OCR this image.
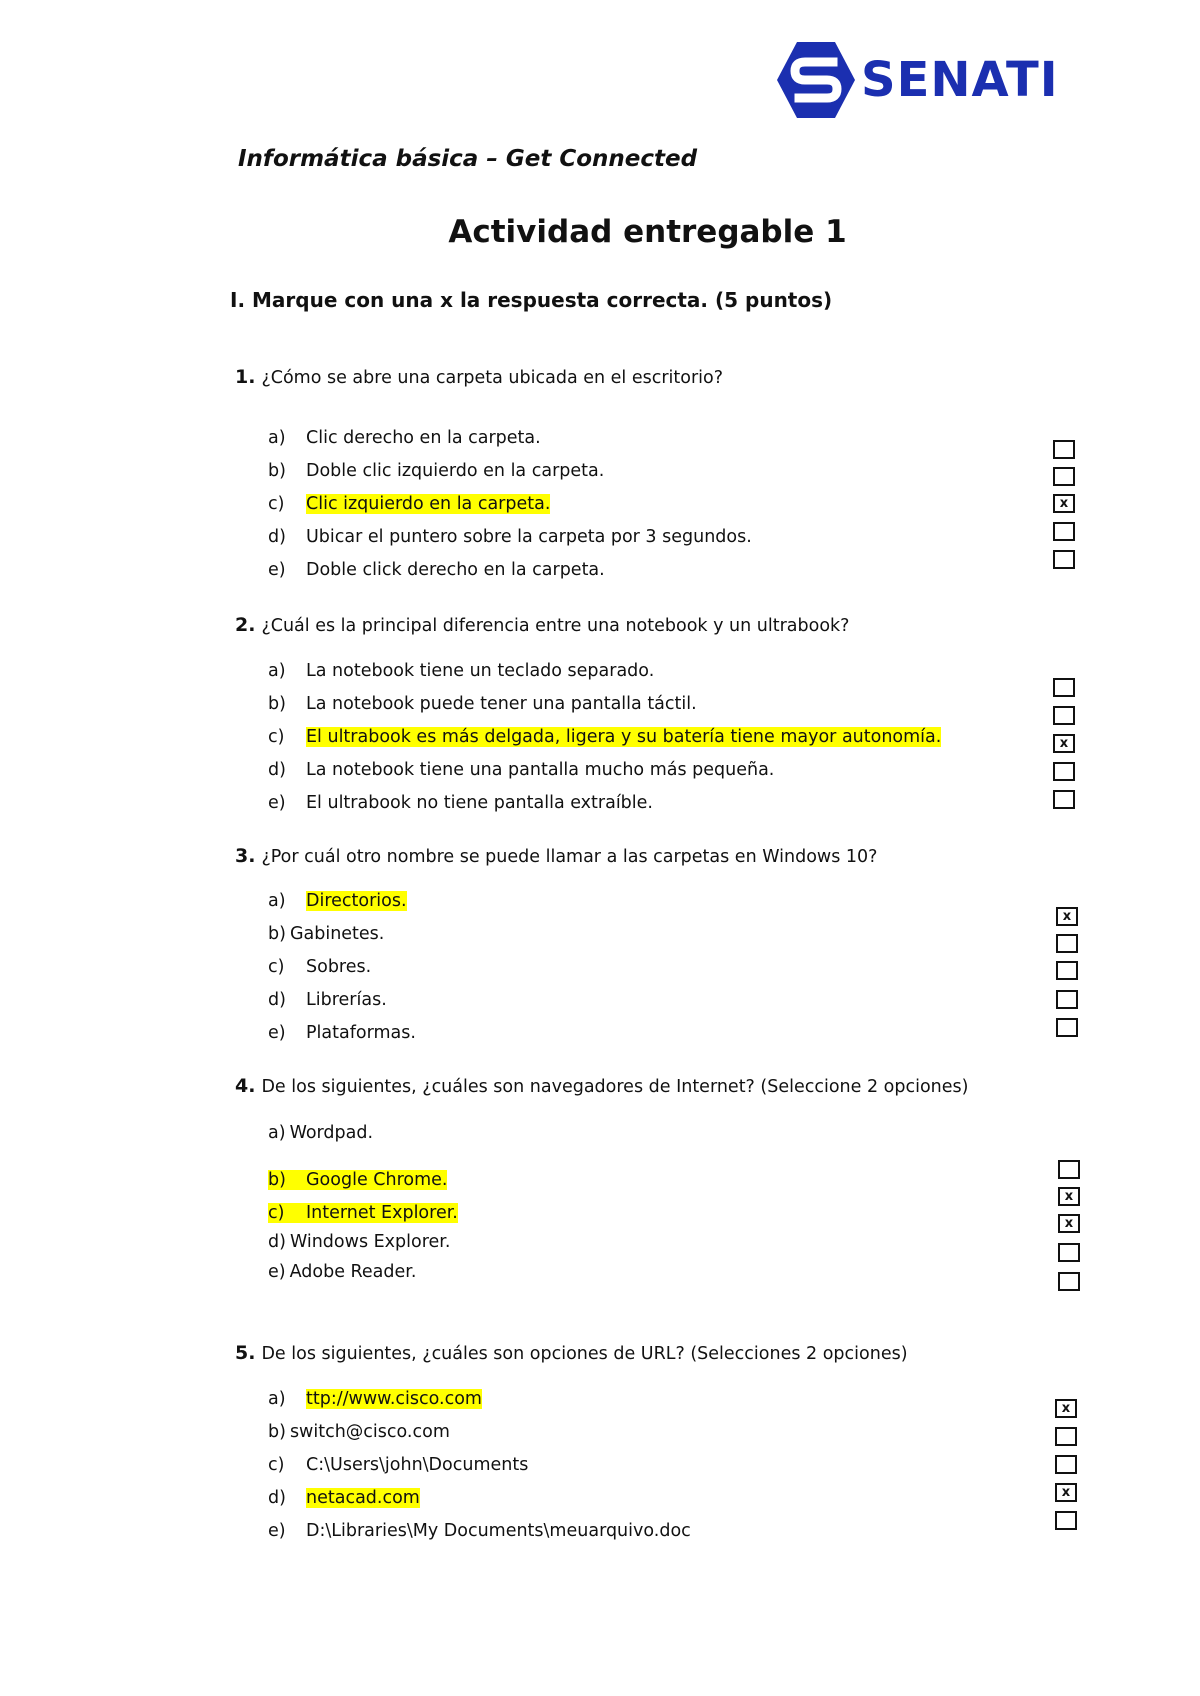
SENATI
Informática básica – Get Connected
Actividad entregable 1
I. Marque con una x la respuesta correcta. (5 puntos)
1. ¿Cómo se abre una carpeta ubicada en el escritorio?
a) Clic derecho en la carpeta.
b) Doble clic izquierdo en la carpeta.
c) Clic izquierdo en la carpeta.
d) Ubicar el puntero sobre la carpeta por 3 segundos.
e) Doble click derecho en la carpeta.
x
2. ¿Cuál es la principal diferencia entre una notebook y un ultrabook?
a) La notebook tiene un teclado separado.
b) La notebook puede tener una pantalla táctil.
c) El ultrabook es más delgada, ligera y su batería tiene mayor autonomía.
d) La notebook tiene una pantalla mucho más pequeña.
e) El ultrabook no tiene pantalla extraíble.
x
3. ¿Por cuál otro nombre se puede llamar a las carpetas en Windows 10?
a) Directorios.
b) Gabinetes.
c) Sobres.
d) Librerías.
e) Plataformas.
x
4. De los siguientes, ¿cuáles son navegadores de Internet? (Seleccione 2 opciones)
a) Wordpad.
b) Google Chrome.
c) Internet Explorer.
d) Windows Explorer.
e) Adobe Reader.
x
x
5. De los siguientes, ¿cuáles son opciones de URL? (Selecciones 2 opciones)
a) ttp://www.cisco.com
b) switch@cisco.com
c) C:\Users\john\Documents
d) netacad.com
e) D:\Libraries\My Documents\meuarquivo.doc
x
x
